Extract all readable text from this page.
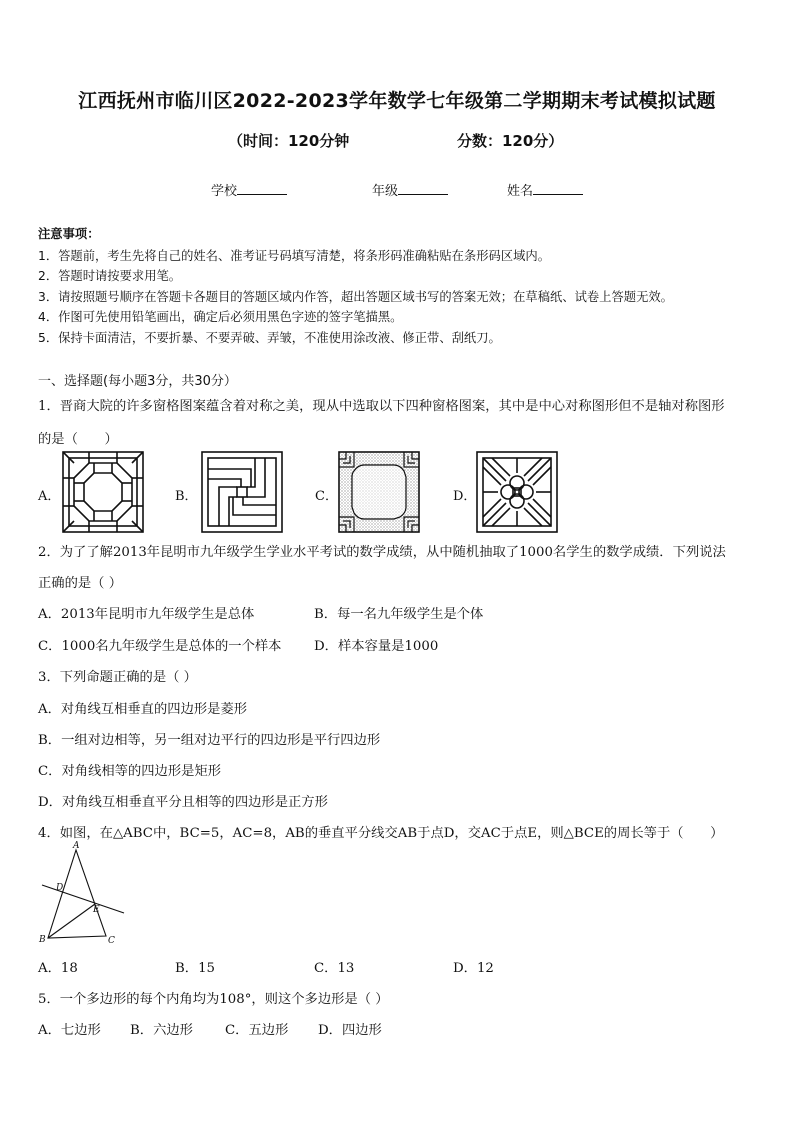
江西抚州市临川区2022-2023学年数学七年级第二学期期末考试模拟试题
（时间：120分钟	分数：120分）
学校	年级	姓名
注意事项：
1．答题前，考生先将自己的姓名、准考证号码填写清楚，将条形码准确粘贴在条形码区域内。
2．答题时请按要求用笔。
3．请按照题号顺序在答题卡各题目的答题区域内作答，超出答题区域书写的答案无效；在草稿纸、试卷上答题无效。
4．作图可先使用铅笔画出，确定后必须用黑色字迹的签字笔描黑。
5．保持卡面清洁，不要折暴、不要弄破、弄皱，不准使用涂改液、修正带、刮纸刀。
一、选择题(每小题3分，共30分）
1．晋商大院的许多窗格图案蕴含着对称之美，现从中选取以下四种窗格图案，其中是中心对称图形但不是轴对称图形
的是（　　）
A．	B．	C．	D．
2．为了了解2013年昆明市九年级学生学业水平考试的数学成绩，从中随机抽取了1000名学生的数学成绩．下列说法
正确的是（ ）
A．2013年昆明市九年级学生是总体	B．每一名九年级学生是个体
C．1000名九年级学生是总体的一个样本 D．样本容量是1000
3．下列命题正确的是（ ）
A．对角线互相垂直的四边形是菱形
B．一组对边相等，另一组对边平行的四边形是平行四边形
C．对角线相等的四边形是矩形
D．对角线互相垂直平分且相等的四边形是正方形
4．如图，在△ABC中，BC=5，AC=8，AB的垂直平分线交AB于点D，交AC于点E，则△BCE的周长等于（　　）
A
D
E
B	C
A．18	B．15	C．13	D．12
5．一个多边形的每个内角均为108°，则这个多边形是（ ）
A．七边形 B．六边形 C．五边形 D．四边形
